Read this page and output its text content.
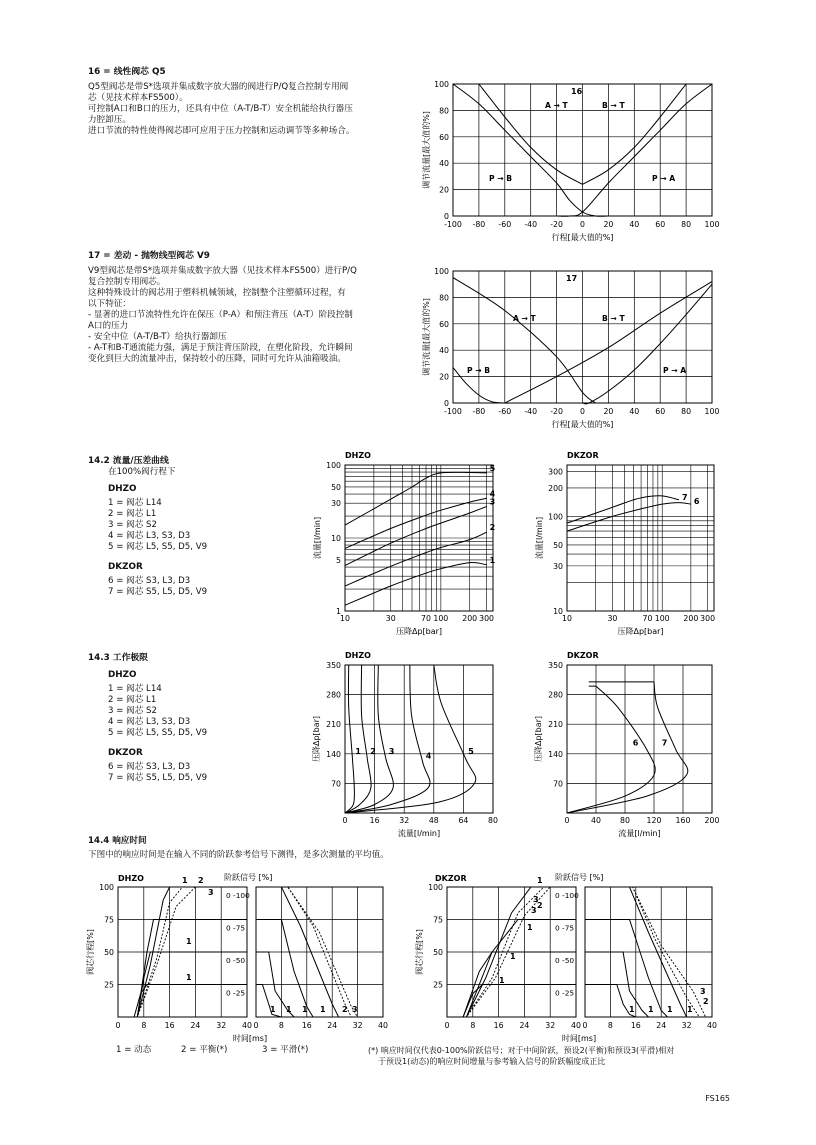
16 = 线性阀芯 Q5
Q5型阀芯是带S*选项并集成数字放大器的阀进行P/Q复合控制专用阀
芯（见技术样本FS500）。
可控制A口和B口的压力，还具有中位（A-T/B-T）安全机能给执行器压
力腔卸压。
进口节流的特性使得阀芯即可应用于压力控制和运动调节等多种场合。
17 = 差动 - 抛物线型阀芯 V9
V9型阀芯是带S*选项并集成数字放大器（见技术样本FS500）进行P/Q
复合控制专用阀芯。
这种特殊设计的阀芯用于塑料机械领域，控制整个注塑循环过程，有
以下特征：
- 显著的进口节流特性允许在保压（P-A）和预注背压（A-T）阶段控制
A口的压力
- 安全中位（A-T/B-T）给执行器卸压
- A-T和B-T通流能力强，满足于预注背压阶段，在塑化阶段，允许瞬间
变化到巨大的流量冲击，保持较小的压降，同时可允许从油箱吸油。
14.2 流量/压差曲线
在100%阀行程下
DHZO
1 = 阀芯 L14
2 = 阀芯 L1
3 = 阀芯 S2
4 = 阀芯 L3, S3, D3
5 = 阀芯 L5, S5, D5, V9
DKZOR
6 = 阀芯 S3, L3, D3
7 = 阀芯 S5, L5, D5, V9
14.3 工作极限
DHZO
1 = 阀芯 L14
2 = 阀芯 L1
3 = 阀芯 S2
4 = 阀芯 L3, S3, D3
5 = 阀芯 L5, S5, D5, V9
DKZOR
6 = 阀芯 S3, L3, D3
7 = 阀芯 S5, L5, D5, V9
14.4 响应时间
下图中的响应时间是在输入不同的阶跃参考信号下测得，是多次测量的平均值。
1 = 动态	2 = 平衡(*)	3 = 平滑(*)	(*) 响应时间仅代表0-100%阶跃信号；对于中间阶跃，预设2(平衡)和预设3(平滑)相对
于预设1(动态)的响应时间增量与参考输入信号的阶跃幅度成正比
FS165
-100 -80 -60 -40 -20 0 20 40 60 80 100
0
20
40
60
80
100
行程[最大值的%]
调节流量[最大值的%]
-100 -80 -60 -40 -20 0 20 40 60 80 100
0
20
40
60
80
100
行程[最大值的%]
调节流量[最大值的%]
16
A → T	B → T
P → B	P → A
17
A → T	B → T
P → B	P → A
10	30	70 100 200 300
1
5
10
30
50
100
压降Δp[bar]
流量[l/min]
DHZO
1
2
3
4
5
10	30	70 100 200 300
10
30
50
100
200
300
压降Δp[bar]
流量[l/min]
DKZOR
6
7
0	16	32	48	64	80
70
140
210
280
350
流量[l/min]
压降Δp[bar]
DHZO
1 2 3	4	5
0	40 80 120 160 200
70
140
210
280
350
流量[l/min]
压降Δp[bar]
DKZOR
6	7
0	8 16 24 32 40
25
50
75
100
阀芯行程[%]
0	8 16 24 32 40
0 -100
0 -75
0 -50
0 -25
0	8 16 24 32 40
25
50
75
100
阀芯行程[%]
0	8 16 24 32 40
0 -100
0 -75
0 -50
0 -25
DHZO	阶跃信号 [%]	DKZOR	阶跃信号 [%]
时间[ms]	时间[ms]
1 2
3
1
1
1 1 1 1 2 3
1
3
1
1
1
3
2
1 1 1
3
2
1
